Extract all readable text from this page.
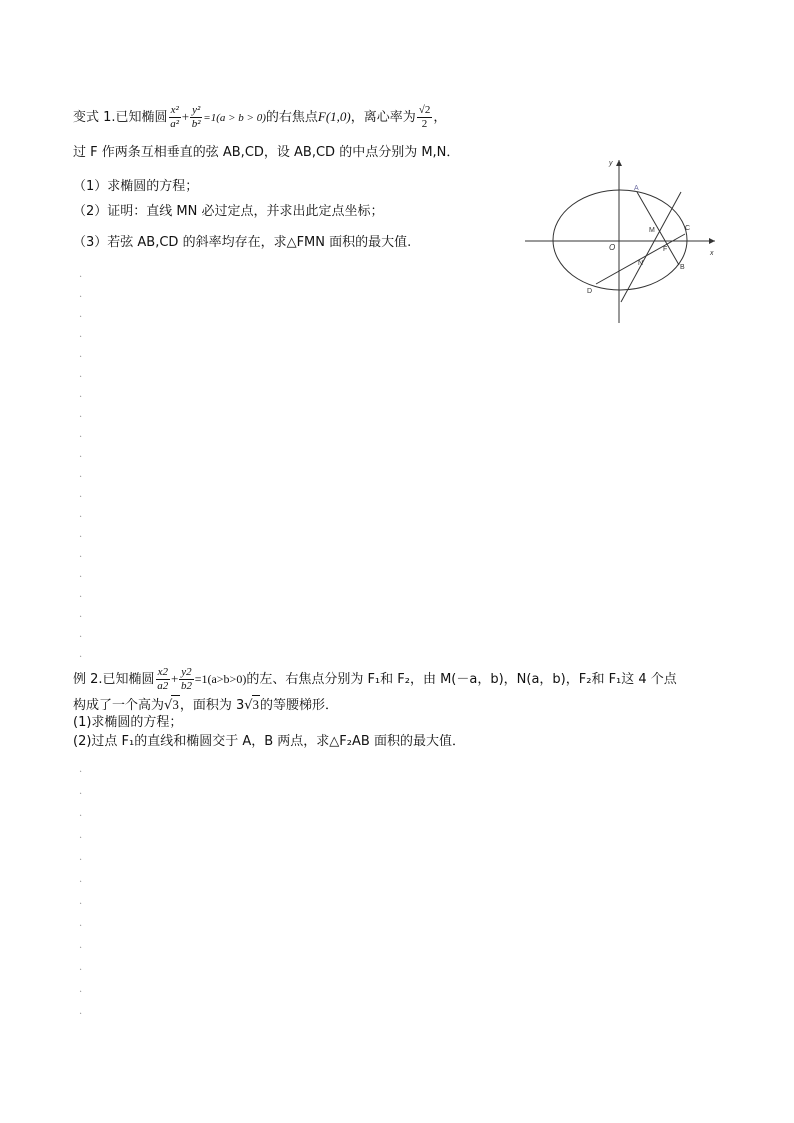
变式 1.已知椭圆 $\frac{\text{x²}}{\text{a²}} + \frac{\text{y²}}{\text{b²}} =1(a > b > 0)$的右焦点F(1,0)，离心率为 $\frac{√2}{2}$ ，
过 F 作两条互相垂直的弦 AB,CD，设 AB,CD 的中点分别为 M,N．
（1）求椭圆的方程；
（2）证明：直线 MN 必过定点，并求出此定点坐标；
（3）若弦 AB,CD 的斜率均存在，求△FMN 面积的最大值.
.
.
.
.
.
.
.
.
.
.
.
.
.
.
.
.
.
.
.
.
y
x
O
A
B
C
D
M
N
F
例 2.已知椭圆 $\frac{x2}{a2} + \frac{y2}{b2} =1(a>b>0)$的左、右焦点分别为 F₁和 F₂，由 M(－a，b)，N(a，b)，F₂和 F₁这 4 个点
构成了一个高为√3，面积为 3√3的等腰梯形．
(1)求椭圆的方程；
(2)过点 F₁的直线和椭圆交于 A，B 两点，求△F₂AB 面积的最大值．
.
.
.
.
.
.
.
.
.
.
.
.
